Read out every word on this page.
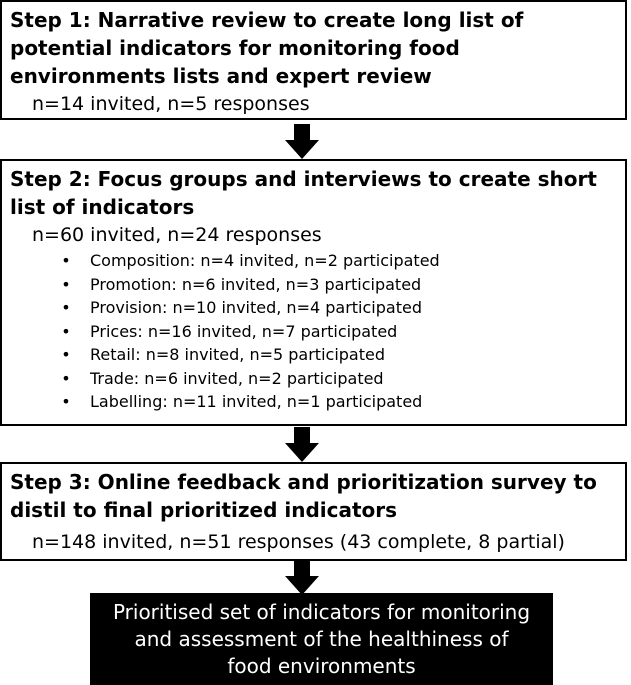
Step 1: Narrative review to create long list of potential indicators for monitoring food environments lists and expert review
n=14 invited, n=5 responses
Step 2: Focus groups and interviews to create short list of indicators
n=60 invited, n=24 responses
• Composition: n=4 invited, n=2 participated
• Promotion: n=6 invited, n=3 participated
• Provision: n=10 invited, n=4 participated
• Prices: n=16 invited, n=7 participated
• Retail: n=8 invited, n=5 participated
• Trade: n=6 invited, n=2 participated
• Labelling: n=11 invited, n=1 participated
Step 3: Online feedback and prioritization survey to distil to final prioritized indicators
n=148 invited, n=51 responses (43 complete, 8 partial)
Prioritised set of indicators for monitoring and assessment of the healthiness of food environments
